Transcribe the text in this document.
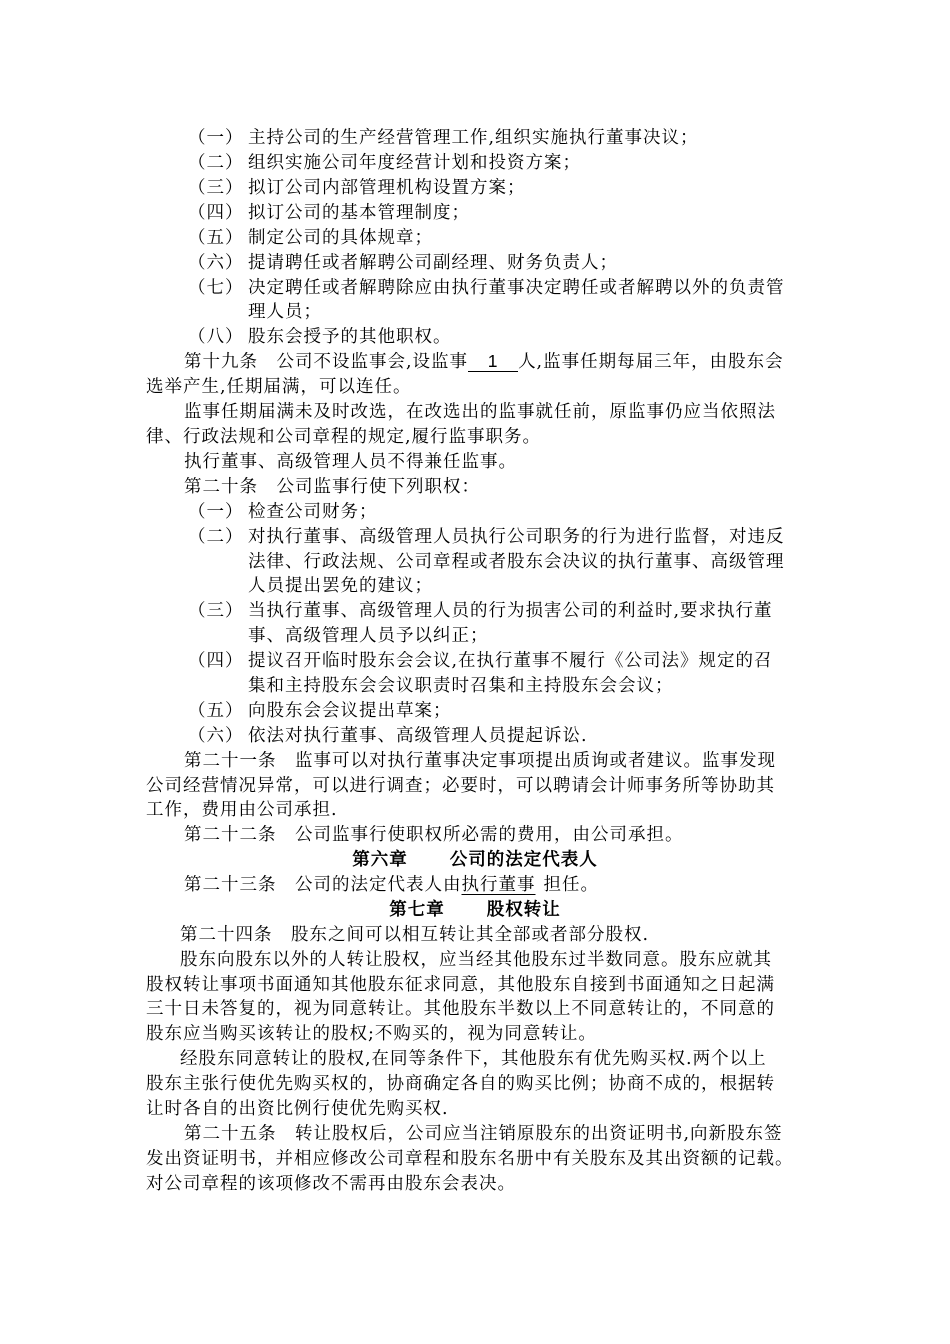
（一） 主持公司的生产经营管理工作,组织实施执行董事决议；
（二） 组织实施公司年度经营计划和投资方案；
（三） 拟订公司内部管理机构设置方案；
（四） 拟订公司的基本管理制度；
（五） 制定公司的具体规章；
（六） 提请聘任或者解聘公司副经理、财务负责人；
（七） 决定聘任或者解聘除应由执行董事决定聘任或者解聘以外的负责管
理人员；
（八） 股东会授予的其他职权。
第十九条　公司不设监事会,设监事 1 人,监事任期每届三年，由股东会
选举产生,任期届满，可以连任。
监事任期届满未及时改选，在改选出的监事就任前，原监事仍应当依照法
律、行政法规和公司章程的规定,履行监事职务。
执行董事、高级管理人员不得兼任监事。
第二十条　公司监事行使下列职权：
（一） 检查公司财务；
（二） 对执行董事、高级管理人员执行公司职务的行为进行监督，对违反
法律、行政法规、公司章程或者股东会决议的执行董事、高级管理
人员提出罢免的建议；
（三） 当执行董事、高级管理人员的行为损害公司的利益时,要求执行董
事、高级管理人员予以纠正；
（四） 提议召开临时股东会会议,在执行董事不履行《公司法》规定的召
集和主持股东会会议职责时召集和主持股东会会议；
（五） 向股东会会议提出草案；
（六） 依法对执行董事、高级管理人员提起诉讼.
第二十一条　监事可以对执行董事决定事项提出质询或者建议。监事发现
公司经营情况异常，可以进行调查；必要时，可以聘请会计师事务所等协助其
工作，费用由公司承担.
第二十二条　公司监事行使职权所必需的费用，由公司承担。
第六章 公司的法定代表人
第二十三条　公司的法定代表人由执行董事 担任。
第七章 股权转让
第二十四条　股东之间可以相互转让其全部或者部分股权.
股东向股东以外的人转让股权，应当经其他股东过半数同意。股东应就其
股权转让事项书面通知其他股东征求同意，其他股东自接到书面通知之日起满
三十日未答复的，视为同意转让。其他股东半数以上不同意转让的，不同意的
股东应当购买该转让的股权;不购买的，视为同意转让。
经股东同意转让的股权,在同等条件下，其他股东有优先购买权.两个以上
股东主张行使优先购买权的，协商确定各自的购买比例；协商不成的，根据转
让时各自的出资比例行使优先购买权.
第二十五条　转让股权后，公司应当注销原股东的出资证明书,向新股东签
发出资证明书，并相应修改公司章程和股东名册中有关股东及其出资额的记载。
对公司章程的该项修改不需再由股东会表决。
